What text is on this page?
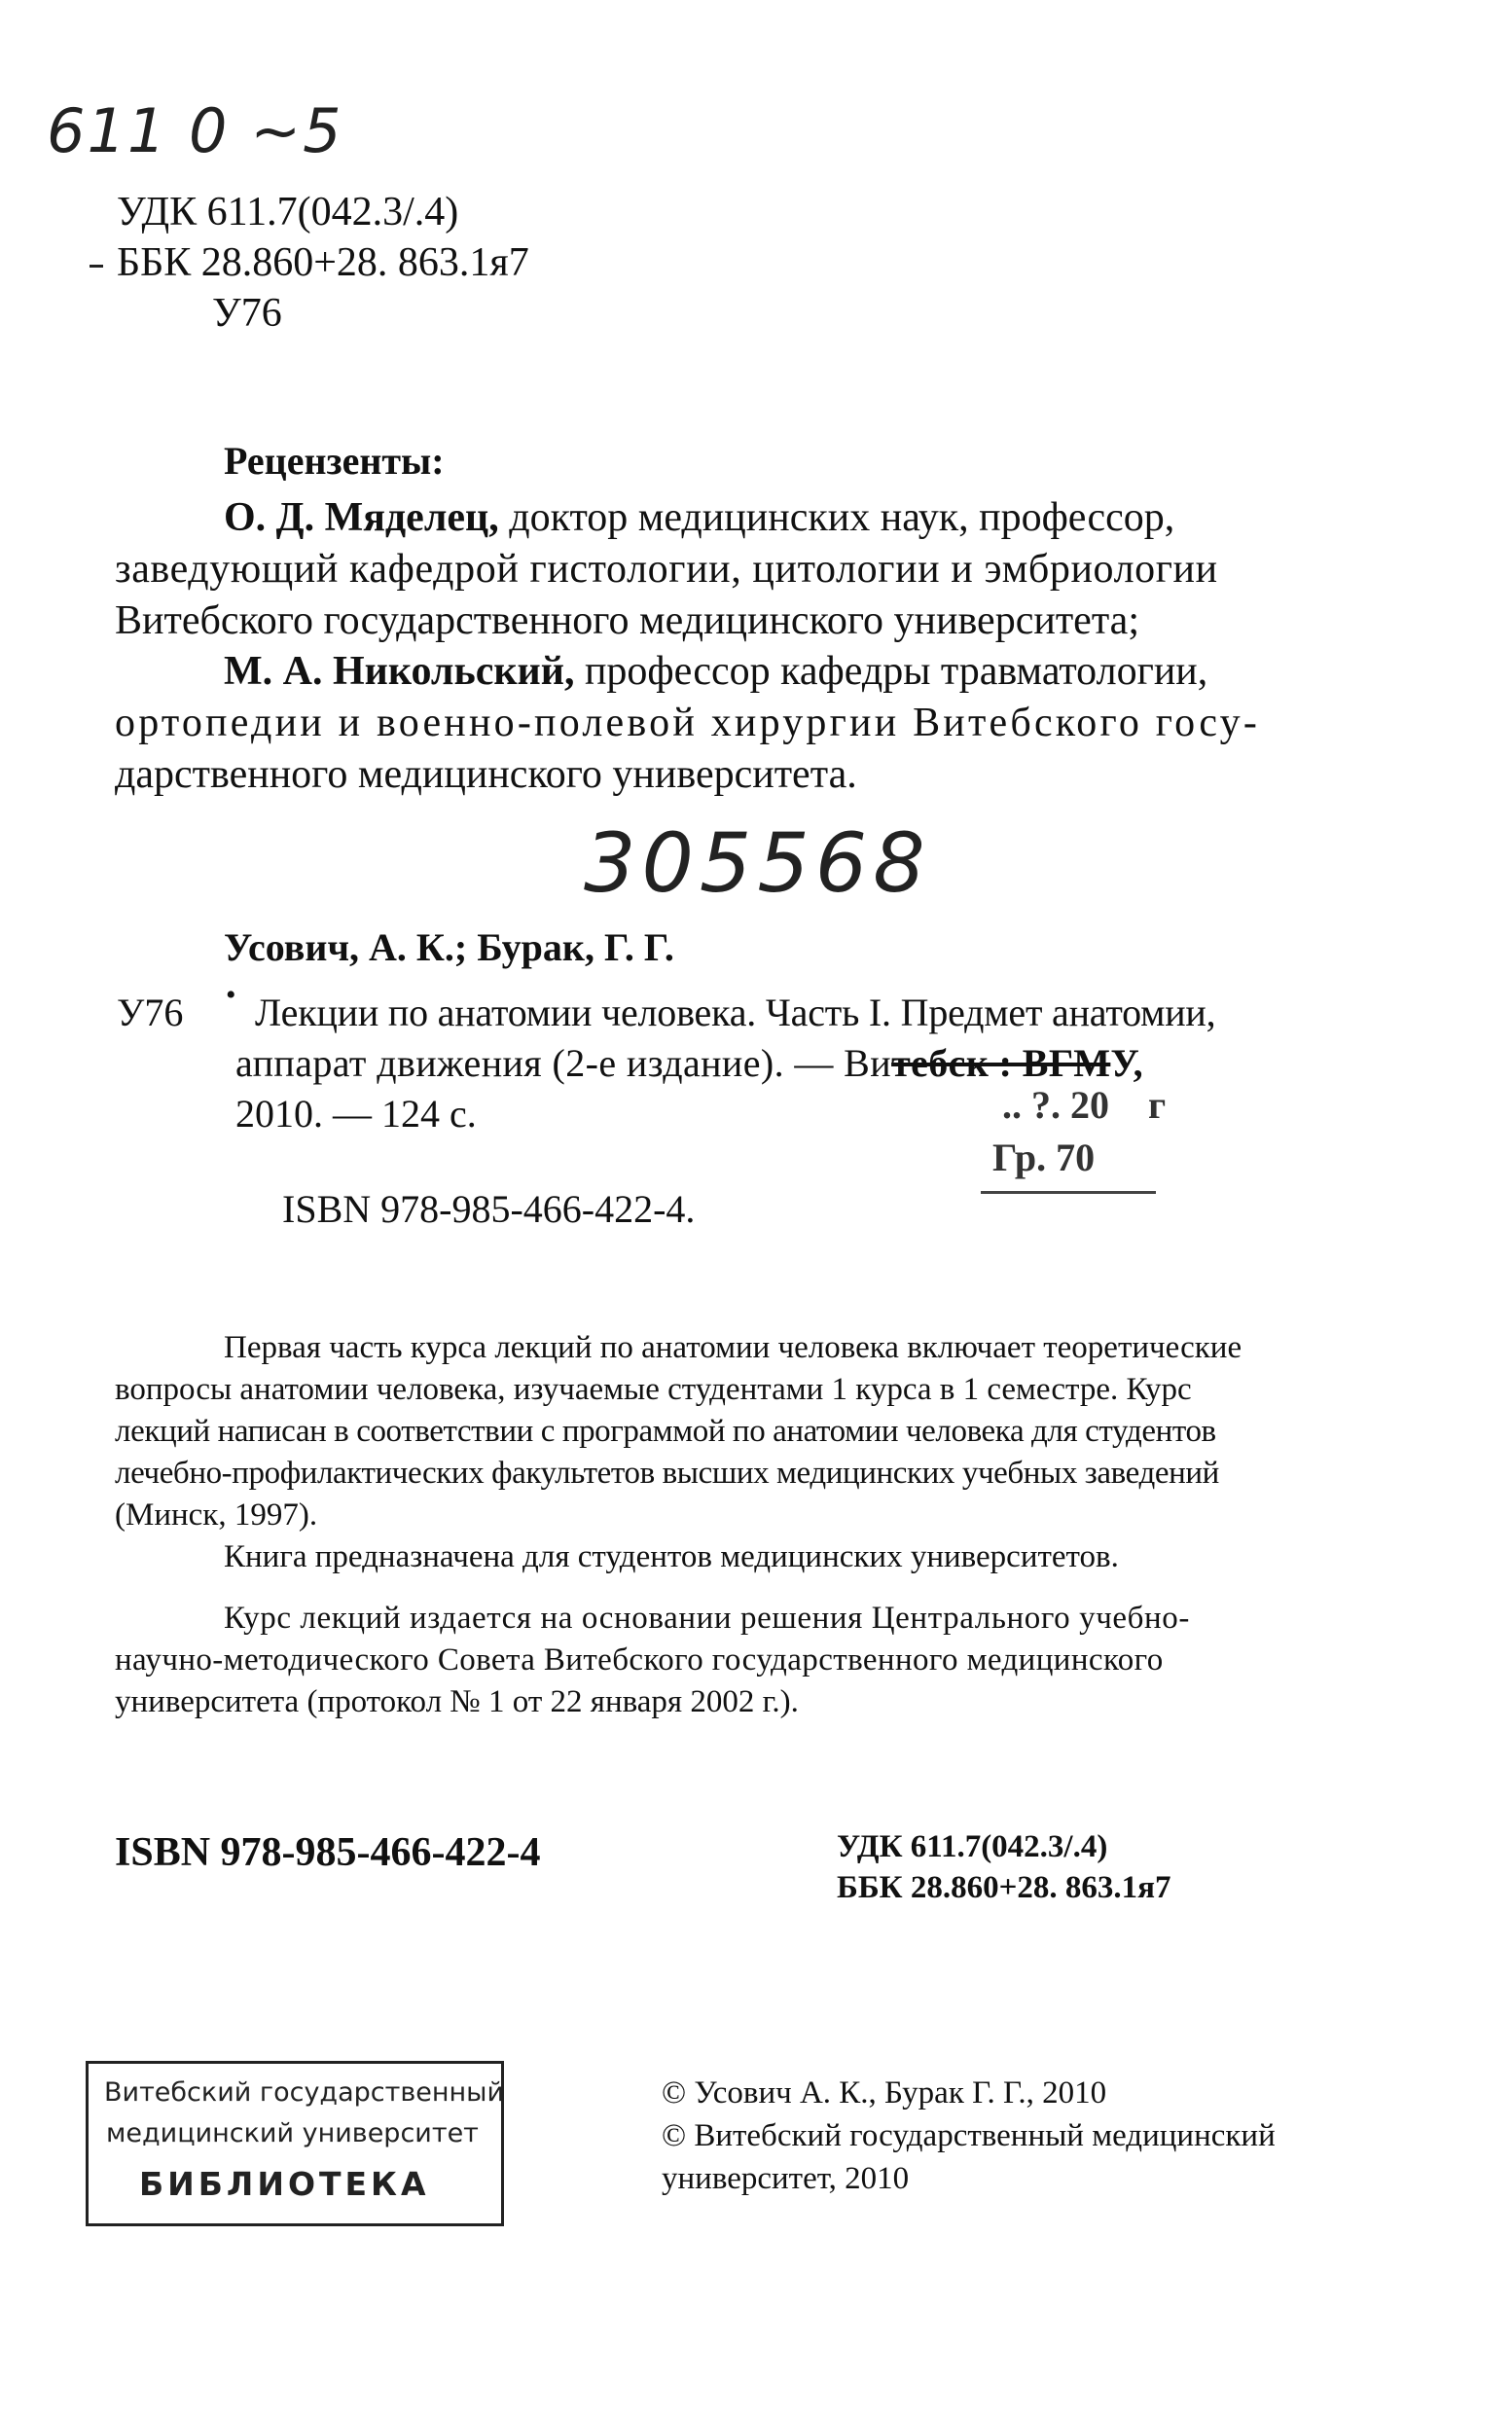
611 0 ~5
УДК 611.7(042.3/.4)
ББК 28.860+28. 863.1я7
У76
Рецензенты:
О. Д. Мяделец, доктор медицинских наук, профессор,
заведующий кафедрой гистологии, цитологии и эмбриологии
Витебского государственного медицинского университета;
М. А. Никольский, профессор кафедры травматологии,
ортопедии и военно-полевой хирургии Витебского госу-
дарственного медицинского университета.
305568
Усович, А. К.; Бурак, Г. Г.
У76 • Лекции по анатомии человека. Часть I. Предмет анатомии,
аппарат движения (2-е издание). — Витебск : ВГМУ,
2010. — 124 с.	.. ?. 20    г
Гр. 70
ISBN 978-985-466-422-4.
Первая часть курса лекций по анатомии человека включает теоретические
вопросы анатомии человека, изучаемые студентами 1 курса в 1 семестре. Курс
лекций написан в соответствии с программой по анатомии человека для студентов
лечебно-профилактических факультетов высших медицинских учебных заведений
(Минск, 1997).
Книга предназначена для студентов медицинских университетов.
Курс лекций издается на основании решения Центрального учебно-
научно-методического Совета Витебского государственного медицинского
университета (протокол № 1 от 22 января 2002 г.).
ISBN 978-985-466-422-4	УДК 611.7(042.3/.4)
ББК 28.860+28. 863.1я7
Витебский государственный
медицинский университет
БИБЛИОТЕКА
© Усович А. К., Бурак Г. Г., 2010
© Витебский государственный медицинский
университет, 2010
